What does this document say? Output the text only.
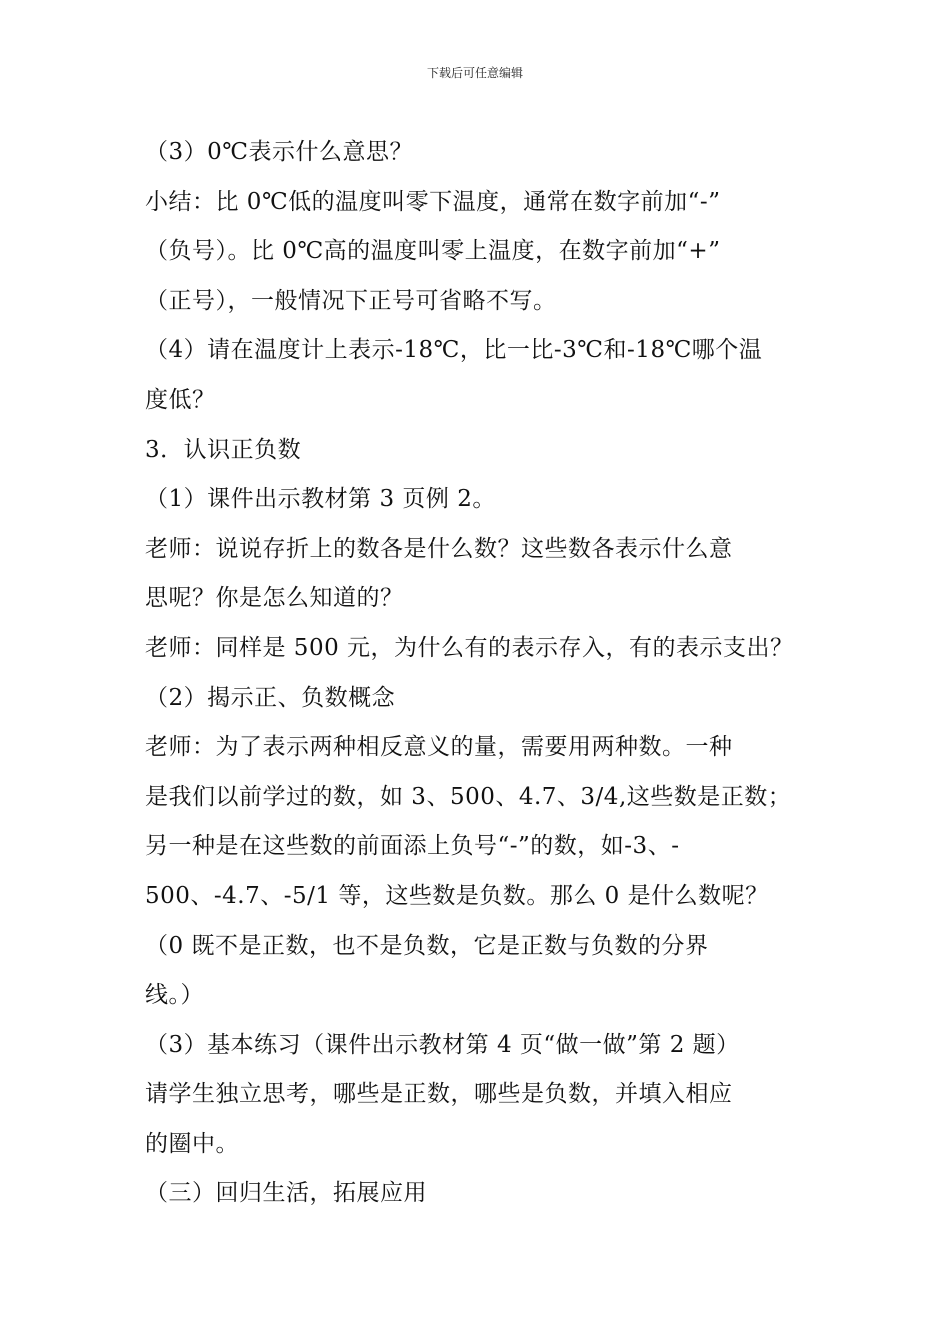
下载后可任意编辑
（3）0℃表示什么意思？
小结：比 0℃低的温度叫零下温度，通常在数字前加“-”
（负号）。比 0℃高的温度叫零上温度，在数字前加“+”
（正号），一般情况下正号可省略不写。
（4）请在温度计上表示-18℃，比一比-3℃和-18℃哪个温
度低？
3．认识正负数
（1）课件出示教材第 3 页例 2。
老师：说说存折上的数各是什么数？这些数各表示什么意
思呢？你是怎么知道的？
老师：同样是 500 元，为什么有的表示存入，有的表示支出？
（2）揭示正、负数概念
老师：为了表示两种相反意义的量，需要用两种数。一种
是我们以前学过的数，如 3、500、4.7、3/4,这些数是正数；
另一种是在这些数的前面添上负号“-”的数，如-3、-
500、-4.7、-5/1 等，这些数是负数。那么 0 是什么数呢？
（0 既不是正数，也不是负数，它是正数与负数的分界
线。）
（3）基本练习（课件出示教材第 4 页“做一做”第 2 题）
请学生独立思考，哪些是正数，哪些是负数，并填入相应
的圈中。
（三）回归生活，拓展应用
